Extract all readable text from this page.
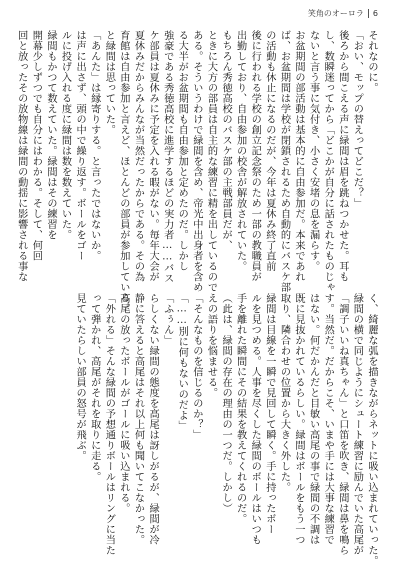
笑角のオーロラ 6
それなのに。
「おい、モップの替えってどこだ？」
後ろから間こえる声に緑間は眉を跳ねつかせた。耳も
し、数瞬迷ってから「どこかが自分に話されたものじゃ
ないと言う事に気付き、小さく安堵の息を漏らす。
お盆期間の部活動は基本的に自由参加だ。本来であれ
ば、お盆期間は学校が閉鎖されるため自動的にバスケ部
の活動も休止になるのだが、今年は夏休み終了直前
後に行われる学校の創立記念祭のため一部の教職員が
出勤しており、自由参加の校舎が解放されていた。
もちろん秀徳高校のバスケ部の主戦部員だが、
ときに大方の部員は自主的な練習に精を出しているので
ある。そういうわけで緑間を含め、帝光中出身者を含め
る大半がお盆期間も自由参加と定めたのだ。しかし
強豪である秀徳高校に進学するほどの実力者……バス
ケ部員は夏休みに予定を入れる暇がない。毎年大会が
夏休みだからみんなが当然だったからである。その為
育館は自由参加と言えど、ほとんどの部員が参加している。
と緑間は思っていた。
「あんた」は縁寄りする。と言ったではないか。
は声に出さず、頭の中で繰り返す。ボールをゴー
ルに投げ入れる度に緑間は数を数えていた。
緑間もかつて数えていた。緑間はその練習を
開幕少しずつでも自分にはわかる。そして、何回
回と放ったその放物線は緑間の動揺に影響される事な
く、綺麗な弧を描きながらネットに吸い込まれていった。
緑間の横で同じようにシュート練習に励んでいた高尾が
「調子いいね真ちゃん」と口笛を吹き、緑間は鼻を鳴ら
す。当然だ。だからこそ、いまや手には大事な練習で
はない。何だかんだと目敏い高尾の事で緑間の不調は
既に見抜かれているらしい。緑間はボールをもう一つ
取り、隣合わせの位置から大きく外した。
緑間は目線を一瞬で見回して瞬く。手に持ったボー
ルを見つめる。人事を尽くした緑間のボールはいつも
手を離れた瞬間にその結果を教えてくれるのだ。
（此は、緑間の存在の理由の一つだ。しかし）
えの語りを悩ませる。
「そんなものを信じるのか？」
「……別に何もないのだよ」
「ふぅん」
らしくない緑間の態度を高尾は訝しがるが、緑間が冷
静に答えると高尾はそれ以上何も聞いてこなかった。
高尾の放ったボールがゴールに吸い込まれる。
「外れる」そんな緑間の予想通りボールはリングに当た
って弾かれ、高尾がそれを取りに走る。
見ていたらしい部員の怒号が飛ぶ。
